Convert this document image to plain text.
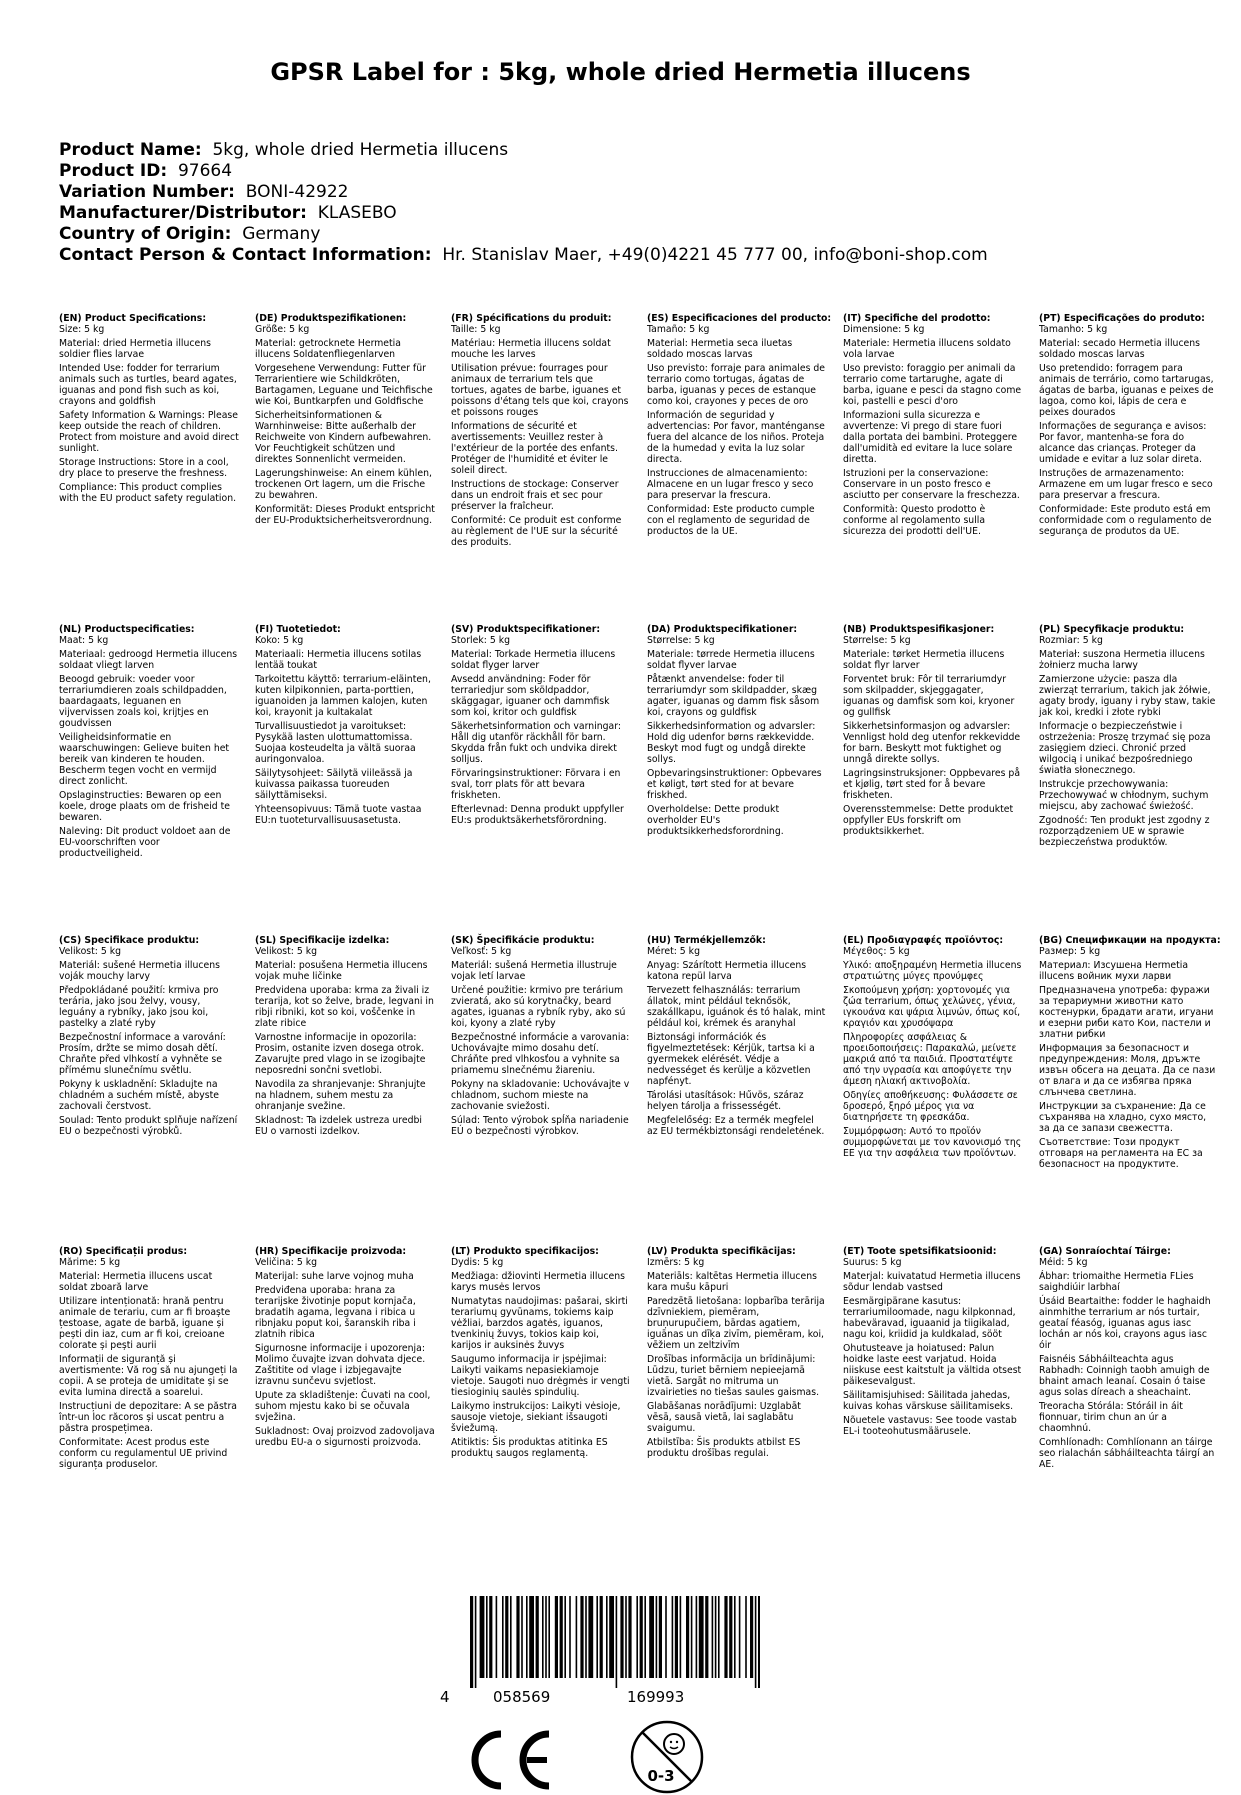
GPSR Label for : 5kg, whole dried Hermetia illucens
Product Name: 5kg, whole dried Hermetia illucens
Product ID: 97664
Variation Number: BONI-42922
Manufacturer/Distributor: KLASEBO
Country of Origin: Germany
Contact Person & Contact Information: Hr. Stanislav Maer, +49(0)4221 45 777 00, info@boni-shop.com
(EN) Product Specifications:
Size: 5 kg
Material: dried Hermetia illucens soldier flies larvae
Intended Use: fodder for terrarium animals such as turtles, beard agates, iguanas and pond fish such as koi, crayons and goldfish
Safety Information & Warnings: Please keep outside the reach of children. Protect from moisture and avoid direct sunlight.
Storage Instructions: Store in a cool, dry place to preserve the freshness.
Compliance: This product complies with the EU product safety regulation.
(DE) Produktspezifikationen:
Größe: 5 kg
Material: getrocknete Hermetia illucens Soldatenfliegenlarven
Vorgesehene Verwendung: Futter für Terrarientiere wie Schildkröten, Bartagamen, Leguane und Teichfische wie Koi, Buntkarpfen und Goldfische
Sicherheitsinformationen & Warnhinweise: Bitte außerhalb der Reichweite von Kindern aufbewahren. Vor Feuchtigkeit schützen und direktes Sonnenlicht vermeiden.
Lagerungshinweise: An einem kühlen, trockenen Ort lagern, um die Frische zu bewahren.
Konformität: Dieses Produkt entspricht der EU-Produktsicherheitsverordnung.
(FR) Spécifications du produit:
Taille: 5 kg
Matériau: Hermetia illucens soldat mouche les larves
Utilisation prévue: fourrages pour animaux de terrarium tels que tortues, agates de barbe, iguanes et poissons d'étang tels que koi, crayons et poissons rouges
Informations de sécurité et avertissements: Veuillez rester à l'extérieur de la portée des enfants. Protéger de l'humidité et éviter le soleil direct.
Instructions de stockage: Conserver dans un endroit frais et sec pour préserver la fraîcheur.
Conformité: Ce produit est conforme au règlement de l'UE sur la sécurité des produits.
(ES) Especificaciones del producto:
Tamaño: 5 kg
Material: Hermetia seca iluetas soldado moscas larvas
Uso previsto: forraje para animales de terrario como tortugas, ágatas de barba, iguanas y peces de estanque como koi, crayones y peces de oro
Información de seguridad y advertencias: Por favor, manténganse fuera del alcance de los niños. Proteja de la humedad y evita la luz solar directa.
Instrucciones de almacenamiento: Almacene en un lugar fresco y seco para preservar la frescura.
Conformidad: Este producto cumple con el reglamento de seguridad de productos de la UE.
(IT) Specifiche del prodotto:
Dimensione: 5 kg
Materiale: Hermetia illucens soldato vola larvae
Uso previsto: foraggio per animali da terrario come tartarughe, agate di barba, iguane e pesci da stagno come koi, pastelli e pesci d'oro
Informazioni sulla sicurezza e avvertenze: Vi prego di stare fuori dalla portata dei bambini. Proteggere dall'umidità ed evitare la luce solare diretta.
Istruzioni per la conservazione: Conservare in un posto fresco e asciutto per conservare la freschezza.
Conformità: Questo prodotto è conforme al regolamento sulla sicurezza dei prodotti dell'UE.
(PT) Especificações do produto:
Tamanho: 5 kg
Material: secado Hermetia illucens soldado moscas larvas
Uso pretendido: forragem para animais de terrário, como tartarugas, ágatas de barba, iguanas e peixes de lagoa, como koi, lápis de cera e peixes dourados
Informações de segurança e avisos: Por favor, mantenha-se fora do alcance das crianças. Proteger da umidade e evitar a luz solar direta.
Instruções de armazenamento: Armazene em um lugar fresco e seco para preservar a frescura.
Conformidade: Este produto está em conformidade com o regulamento de segurança de produtos da UE.
(NL) Productspecificaties:
Maat: 5 kg
Materiaal: gedroogd Hermetia illucens soldaat vliegt larven
Beoogd gebruik: voeder voor terrariumdieren zoals schildpadden, baardagaats, leguanen en vijvervissen zoals koi, krijtjes en goudvissen
Veiligheidsinformatie en waarschuwingen: Gelieve buiten het bereik van kinderen te houden. Bescherm tegen vocht en vermijd direct zonlicht.
Opslaginstructies: Bewaren op een koele, droge plaats om de frisheid te bewaren.
Naleving: Dit product voldoet aan de EU-voorschriften voor productveiligheid.
(FI) Tuotetiedot:
Koko: 5 kg
Materiaali: Hermetia illucens sotilas lentää toukat
Tarkoitettu käyttö: terrarium-eläinten, kuten kilpikonnien, parta-porttien, iguanoiden ja lammen kalojen, kuten koi, krayonit ja kultakalat
Turvallisuustiedot ja varoitukset: Pysykää lasten ulottumattomissa. Suojaa kosteudelta ja vältä suoraa auringonvaloa.
Säilytysohjeet: Säilytä viileässä ja kuivassa paikassa tuoreuden säilyttämiseksi.
Yhteensopivuus: Tämä tuote vastaa EU:n tuoteturvallisuusasetusta.
(SV) Produktspecifikationer:
Storlek: 5 kg
Material: Torkade Hermetia illucens soldat flyger larver
Avsedd användning: Foder för terrariedjur som sköldpaddor, skäggagar, iguaner och dammfisk som koi, kritor och guldfisk
Säkerhetsinformation och varningar: Håll dig utanför räckhåll för barn. Skydda från fukt och undvika direkt solljus.
Förvaringsinstruktioner: Förvara i en sval, torr plats för att bevara friskheten.
Efterlevnad: Denna produkt uppfyller EU:s produktsäkerhetsförordning.
(DA) Produktspecifikationer:
Størrelse: 5 kg
Materiale: tørrede Hermetia illucens soldat flyver larvae
Påtænkt anvendelse: foder til terrariumdyr som skildpadder, skæg agater, iguanas og damm fisk såsom koi, crayons og guldfisk
Sikkerhedsinformation og advarsler: Hold dig udenfor børns rækkevidde. Beskyt mod fugt og undgå direkte sollys.
Opbevaringsinstruktioner: Opbevares et køligt, tørt sted for at bevare friskhed.
Overholdelse: Dette produkt overholder EU's produktsikkerhedsforordning.
(NB) Produktspesifikasjoner:
Størrelse: 5 kg
Materiale: tørket Hermetia illucens soldat flyr larver
Forventet bruk: Fôr til terrariumdyr som skilpadder, skjeggagater, iguanas og damfisk som koi, kryoner og gullfisk
Sikkerhetsinformasjon og advarsler: Vennligst hold deg utenfor rekkevidde for barn. Beskytt mot fuktighet og unngå direkte sollys.
Lagringsinstruksjoner: Oppbevares på et kjølig, tørt sted for å bevare friskheten.
Overensstemmelse: Dette produktet oppfyller EUs forskrift om produktsikkerhet.
(PL) Specyfikacje produktu:
Rozmiar: 5 kg
Materiał: suszona Hermetia illucens żołnierz mucha larwy
Zamierzone użycie: pasza dla zwierząt terrarium, takich jak żółwie, agaty brody, iguany i ryby staw, takie jak koi, kredki i złote rybki
Informacje o bezpieczeństwie i ostrzeżenia: Proszę trzymać się poza zasięgiem dzieci. Chronić przed wilgocią i unikać bezpośredniego światła słonecznego.
Instrukcje przechowywania: Przechowywać w chłodnym, suchym miejscu, aby zachować świeżość.
Zgodność: Ten produkt jest zgodny z rozporządzeniem UE w sprawie bezpieczeństwa produktów.
(CS) Specifikace produktu:
Velikost: 5 kg
Materiál: sušené Hermetia illucens voják mouchy larvy
Předpokládané použití: krmiva pro terária, jako jsou želvy, vousy, leguány a rybníky, jako jsou koi, pastelky a zlaté ryby
Bezpečnostní informace a varování: Prosím, držte se mimo dosah dětí. Chraňte před vlhkostí a vyhněte se přímému slunečnímu světlu.
Pokyny k uskladnění: Skladujte na chladném a suchém místě, abyste zachovali čerstvost.
Soulad: Tento produkt splňuje nařízení EU o bezpečnosti výrobků.
(SL) Specifikacije izdelka:
Velikost: 5 kg
Material: posušena Hermetia illucens vojak muhe ličinke
Predvidena uporaba: krma za živali iz terarija, kot so želve, brade, legvani in ribji ribniki, kot so koi, voščenke in zlate ribice
Varnostne informacije in opozorila: Prosim, ostanite izven dosega otrok. Zavarujte pred vlago in se izogibajte neposredni sončni svetlobi.
Navodila za shranjevanje: Shranjujte na hladnem, suhem mestu za ohranjanje svežine.
Skladnost: Ta izdelek ustreza uredbi EU o varnosti izdelkov.
(SK) Špecifikácie produktu:
Veľkosť: 5 kg
Materiál: sušená Hermetia illustruje vojak letí larvae
Určené použitie: krmivo pre terárium zvieratá, ako sú korytnačky, beard agates, iguanas a rybník ryby, ako sú koi, kyony a zlaté ryby
Bezpečnostné informácie a varovania: Uchovávajte mimo dosahu detí. Chráňte pred vlhkosťou a vyhnite sa priamemu slnečnému žiareniu.
Pokyny na skladovanie: Uchovávajte v chladnom, suchom mieste na zachovanie sviežosti.
Súlad: Tento výrobok spĺňa nariadenie EÚ o bezpečnosti výrobkov.
(HU) Termékjellemzők:
Méret: 5 kg
Anyag: Szárított Hermetia illucens katona repül larva
Tervezett felhasználás: terrarium állatok, mint például teknősök, szakállkapu, iguánok és tó halak, mint például koi, krémek és aranyhal
Biztonsági információk és figyelmeztetések: Kérjük, tartsa ki a gyermekek elérését. Védje a nedvességet és kerülje a közvetlen napfényt.
Tárolási utasítások: Hűvös, száraz helyen tárolja a frissességét.
Megfelelőség: Ez a termék megfelel az EU termékbiztonsági rendeletének.
(EL) Προδιαγραφές προϊόντος:
Μέγεθος: 5 kg
Υλικό: αποξηραμένη Hermetia illucens στρατιώτης μύγες προνύμφες
Σκοπούμενη χρήση: χορτονομές για ζώα terrarium, όπως χελώνες, γένια, ιγκουάνα και ψάρια λιμνών, όπως κοί, κραγιόν και χρυσόψαρα
Πληροφορίες ασφάλειας & προειδοποιήσεις: Παρακαλώ, μείνετε μακριά από τα παιδιά. Προστατέψτε από την υγρασία και αποφύγετε την άμεση ηλιακή ακτινοβολία.
Οδηγίες αποθήκευσης: Φυλάσσετε σε δροσερό, ξηρό μέρος για να διατηρήσετε τη φρεσκάδα.
Συμμόρφωση: Αυτό το προϊόν συμμορφώνεται με τον κανονισμό της ΕΕ για την ασφάλεια των προϊόντων.
(BG) Спецификации на продукта:
Размер: 5 kg
Материал: Изсушена Hermetia illucens войник мухи ларви
Предназначена употреба: фуражи за терариумни животни като костенурки, брадати агати, игуани и езерни риби като Кои, пастели и златни рибки
Информация за безопасност и предупреждения: Моля, дръжте извън обсега на децата. Да се пази от влага и да се избягва пряка слънчева светлина.
Инструкции за съхранение: Да се съхранява на хладно, сухо място, за да се запази свежестта.
Съответствие: Този продукт отговаря на регламента на ЕС за безопасност на продуктите.
(RO) Specificații produs:
Mărime: 5 kg
Material: Hermetia illucens uscat soldat zboară larve
Utilizare intenționată: hrană pentru animale de terariu, cum ar fi broaște țestoase, agate de barbă, iguane și pești din iaz, cum ar fi koi, creioane colorate și pești aurii
Informații de siguranță și avertismente: Vă rog să nu ajungeți la copii. A se proteja de umiditate și se evita lumina directă a soarelui.
Instrucțiuni de depozitare: A se păstra într-un loc răcoros și uscat pentru a păstra prospețimea.
Conformitate: Acest produs este conform cu regulamentul UE privind siguranța produselor.
(HR) Specifikacije proizvoda:
Veličina: 5 kg
Materijal: suhe larve vojnog muha
Predviđena uporaba: hrana za terarijske životinje poput kornjača, bradatih agama, legvana i ribica u ribnjaku poput koi, šaranskih riba i zlatnih ribica
Sigurnosne informacije i upozorenja: Molimo čuvajte izvan dohvata djece. Zaštitite od vlage i izbjegavajte izravnu sunčevu svjetlost.
Upute za skladištenje: Čuvati na cool, suhom mjestu kako bi se očuvala svježina.
Sukladnost: Ovaj proizvod zadovoljava uredbu EU-a o sigurnosti proizvoda.
(LT) Produkto specifikacijos:
Dydis: 5 kg
Medžiaga: džiovinti Hermetia illucens karys musės lervos
Numatytas naudojimas: pašarai, skirti terariumų gyvūnams, tokiems kaip vėžliai, barzdos agatės, iguanos, tvenkinių žuvys, tokios kaip koi, karijos ir auksinės žuvys
Saugumo informacija ir įspėjimai: Laikyti vaikams nepasiekiamoje vietoje. Saugoti nuo drėgmės ir vengti tiesioginių saulės spindulių.
Laikymo instrukcijos: Laikyti vėsioje, sausoje vietoje, siekiant išsaugoti šviežumą.
Atitiktis: Šis produktas atitinka ES produktų saugos reglamentą.
(LV) Produkta specifikācijas:
Izmērs: 5 kg
Materiāls: kaltētas Hermetia illucens kara mušu kāpuri
Paredzētā lietošana: lopbarība terārija dzīvniekiem, piemēram, bruņurupučiem, bārdas agatiem, iguānas un dīķa zivīm, piemēram, koi, vēžiem un zeltzivīm
Drošības informācija un brīdinājumi: Lūdzu, turiet bērniem nepieejamā vietā. Sargāt no mitruma un izvairieties no tiešas saules gaismas.
Glabāšanas norādījumi: Uzglabāt vēsā, sausā vietā, lai saglabātu svaigumu.
Atbilstība: Šis produkts atbilst ES produktu drošības regulai.
(ET) Toote spetsifikatsioonid:
Suurus: 5 kg
Materjal: kuivatatud Hermetia illucens sõdur lendab vastsed
Eesmärgipärane kasutus: terrariumiloomade, nagu kilpkonnad, habeväravad, iguaanid ja tiigikalad, nagu koi, kriidid ja kuldkalad, sööt
Ohutusteave ja hoiatused: Palun hoidke laste eest varjatud. Hoida niiskuse eest kaitstult ja vältida otsest päikesevalgust.
Säilitamisjuhised: Säilitada jahedas, kuivas kohas värskuse säilitamiseks.
Nõuetele vastavus: See toode vastab EL-i tooteohutusmäärusele.
(GA) Sonraíochtaí Táirge:
Méid: 5 kg
Ábhar: triomaithe Hermetia FLies saighdiúir larbhaí
Úsáid Beartaithe: fodder le haghaidh ainmhithe terrarium ar nós turtair, geataí féasóg, iguanas agus iasc lochán ar nós koi, crayons agus iasc óir
Faisnéis Sábháilteachta agus Rabhadh: Coinnigh taobh amuigh de bhaint amach leanaí. Cosain ó taise agus solas díreach a sheachaint.
Treoracha Stórála: Stóráil in áit fionnuar, tirim chun an úr a chaomhnú.
Comhlíonadh: Comhlíonann an táirge seo rialachán sábháilteachta táirgí an AE.
4	058569	169993
0-3
